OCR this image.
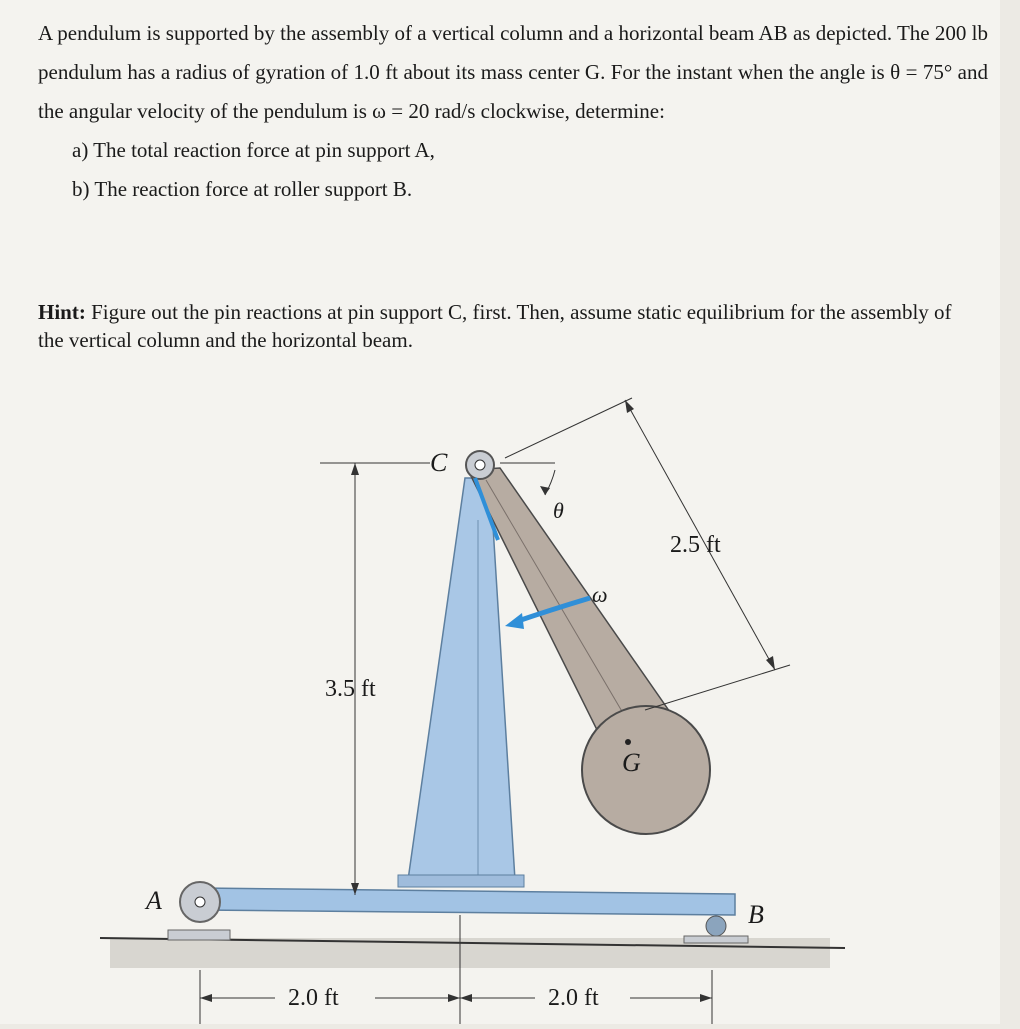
A pendulum is supported by the assembly of a vertical column and a horizontal beam AB as depicted. The 200 lb pendulum has a radius of gyration of 1.0 ft about its mass center G. For the instant when the angle is θ = 75° and the angular velocity of the pendulum is ω = 20 rad/s clockwise, determine:

a) The total reaction force at pin support A,

b) The reaction force at roller support B.

Hint: Figure out the pin reactions at pin support C, first. Then, assume static equilibrium for the assembly of the vertical column and the horizontal beam.
3.5 ft
2.5 ft
2.0 ft	2.0 ft
C
G
A	B
θ
ω
